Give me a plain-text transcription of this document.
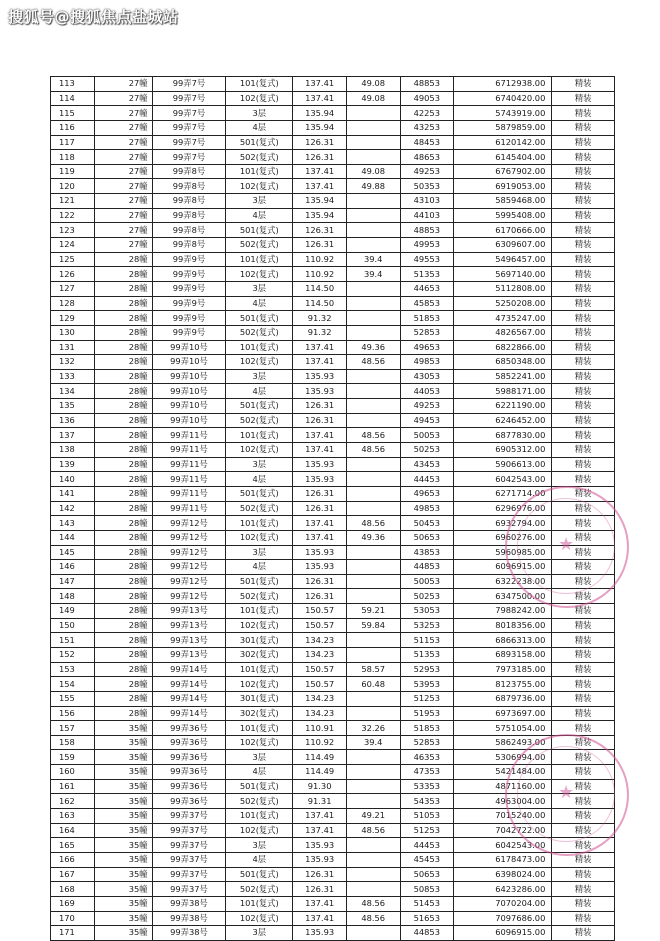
搜狐号@搜狐焦点盐城站
113	27幢	99弄7号	101(复式)	137.41	49.08	48853	6712938.00	精装
114	27幢	99弄7号	102(复式)	137.41	49.08	49053	6740420.00	精装
115	27幢	99弄7号	3层	135.94		42253	5743919.00	精装
116	27幢	99弄7号	4层	135.94		43253	5879859.00	精装
117	27幢	99弄7号	501(复式)	126.31		48453	6120142.00	精装
118	27幢	99弄7号	502(复式)	126.31		48653	6145404.00	精装
119	27幢	99弄8号	101(复式)	137.41	49.08	49253	6767902.00	精装
120	27幢	99弄8号	102(复式)	137.41	49.88	50353	6919053.00	精装
121	27幢	99弄8号	3层	135.94		43103	5859468.00	精装
122	27幢	99弄8号	4层	135.94		44103	5995408.00	精装
123	27幢	99弄8号	501(复式)	126.31		48853	6170666.00	精装
124	27幢	99弄8号	502(复式)	126.31		49953	6309607.00	精装
125	28幢	99弄9号	101(复式)	110.92	39.4	49553	5496457.00	精装
126	28幢	99弄9号	102(复式)	110.92	39.4	51353	5697140.00	精装
127	28幢	99弄9号	3层	114.50		44653	5112808.00	精装
128	28幢	99弄9号	4层	114.50		45853	5250208.00	精装
129	28幢	99弄9号	501(复式)	91.32		51853	4735247.00	精装
130	28幢	99弄9号	502(复式)	91.32		52853	4826567.00	精装
131	28幢	99弄10号	101(复式)	137.41	49.36	49653	6822866.00	精装
132	28幢	99弄10号	102(复式)	137.41	48.56	49853	6850348.00	精装
133	28幢	99弄10号	3层	135.93		43053	5852241.00	精装
134	28幢	99弄10号	4层	135.93		44053	5988171.00	精装
135	28幢	99弄10号	501(复式)	126.31		49253	6221190.00	精装
136	28幢	99弄10号	502(复式)	126.31		49453	6246452.00	精装
137	28幢	99弄11号	101(复式)	137.41	48.56	50053	6877830.00	精装
138	28幢	99弄11号	102(复式)	137.41	48.56	50253	6905312.00	精装
139	28幢	99弄11号	3层	135.93		43453	5906613.00	精装
140	28幢	99弄11号	4层	135.93		44453	6042543.00	精装
141	28幢	99弄11号	501(复式)	126.31		49653	6271714.00	精装
142	28幢	99弄11号	502(复式)	126.31		49853	6296976.00	精装
143	28幢	99弄12号	101(复式)	137.41	48.56	50453	6932794.00	精装
144	28幢	99弄12号	102(复式)	137.41	49.36	50653	6960276.00	精装
145	28幢	99弄12号	3层	135.93		43853	5960985.00	精装
146	28幢	99弄12号	4层	135.93		44853	6096915.00	精装
147	28幢	99弄12号	501(复式)	126.31		50053	6322238.00	精装
148	28幢	99弄12号	502(复式)	126.31		50253	6347500.00	精装
149	28幢	99弄13号	101(复式)	150.57	59.21	53053	7988242.00	精装
150	28幢	99弄13号	102(复式)	150.57	59.84	53253	8018356.00	精装
151	28幢	99弄13号	301(复式)	134.23		51153	6866313.00	精装
152	28幢	99弄13号	302(复式)	134.23		51353	6893158.00	精装
153	28幢	99弄14号	101(复式)	150.57	58.57	52953	7973185.00	精装
154	28幢	99弄14号	102(复式)	150.57	60.48	53953	8123755.00	精装
155	28幢	99弄14号	301(复式)	134.23		51253	6879736.00	精装
156	28幢	99弄14号	302(复式)	134.23		51953	6973697.00	精装
157	35幢	99弄36号	101(复式)	110.91	32.26	51853	5751054.00	精装
158	35幢	99弄36号	102(复式)	110.92	39.4	52853	5862493.00	精装
159	35幢	99弄36号	3层	114.49		46353	5306994.00	精装
160	35幢	99弄36号	4层	114.49		47353	5421484.00	精装
161	35幢	99弄36号	501(复式)	91.30		53353	4871160.00	精装
162	35幢	99弄36号	502(复式)	91.31		54353	4963004.00	精装
163	35幢	99弄37号	101(复式)	137.41	49.21	51053	7015240.00	精装
164	35幢	99弄37号	102(复式)	137.41	48.56	51253	7042722.00	精装
165	35幢	99弄37号	3层	135.93		44453	6042543.00	精装
166	35幢	99弄37号	4层	135.93		45453	6178473.00	精装
167	35幢	99弄37号	501(复式)	126.31		50653	6398024.00	精装
168	35幢	99弄37号	502(复式)	126.31		50853	6423286.00	精装
169	35幢	99弄38号	101(复式)	137.41	48.56	51453	7070204.00	精装
170	35幢	99弄38号	102(复式)	137.41	48.56	51653	7097686.00	精装
171	35幢	99弄38号	3层	135.93		44853	6096915.00	精装
★
★
